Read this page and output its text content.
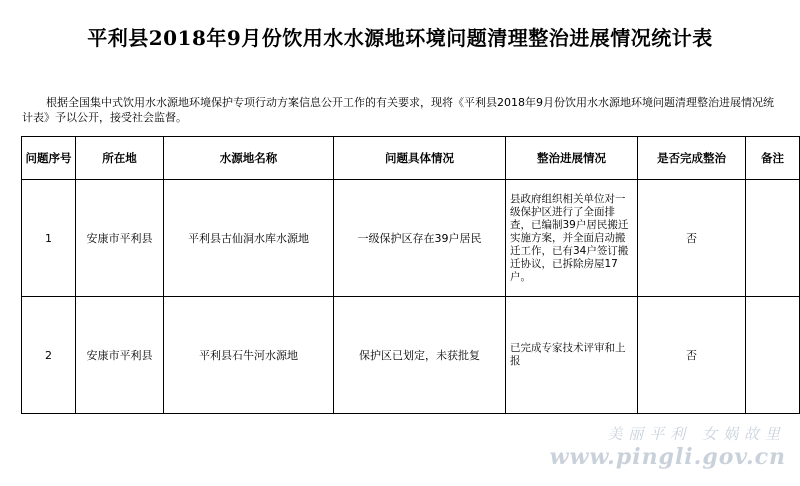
平利县2018年9月份饮用水水源地环境问题清理整治进展情况统计表
根据全国集中式饮用水水源地环境保护专项行动方案信息公开工作的有关要求，现将《平利县2018年9月份饮用水水源地环境问题清理整治进展情况统计表》予以公开，接受社会监督。
问题序号	所在地	水源地名称	问题具体情况	整治进展情况	是否完成整治	备注
1	安康市平利县	平利县古仙洞水库水源地	一级保护区存在39户居民	县政府组织相关单位对一级保护区进行了全面排查，已编制39户居民搬迁实施方案，并全面启动搬迁工作，已有34户签订搬迁协议，已拆除房屋17户。	否	
2	安康市平利县	平利县石牛河水源地	保护区已划定，未获批复	已完成专家技术评审和上报	否	
美丽平利 女娲故里
www.pingli.gov.cn
